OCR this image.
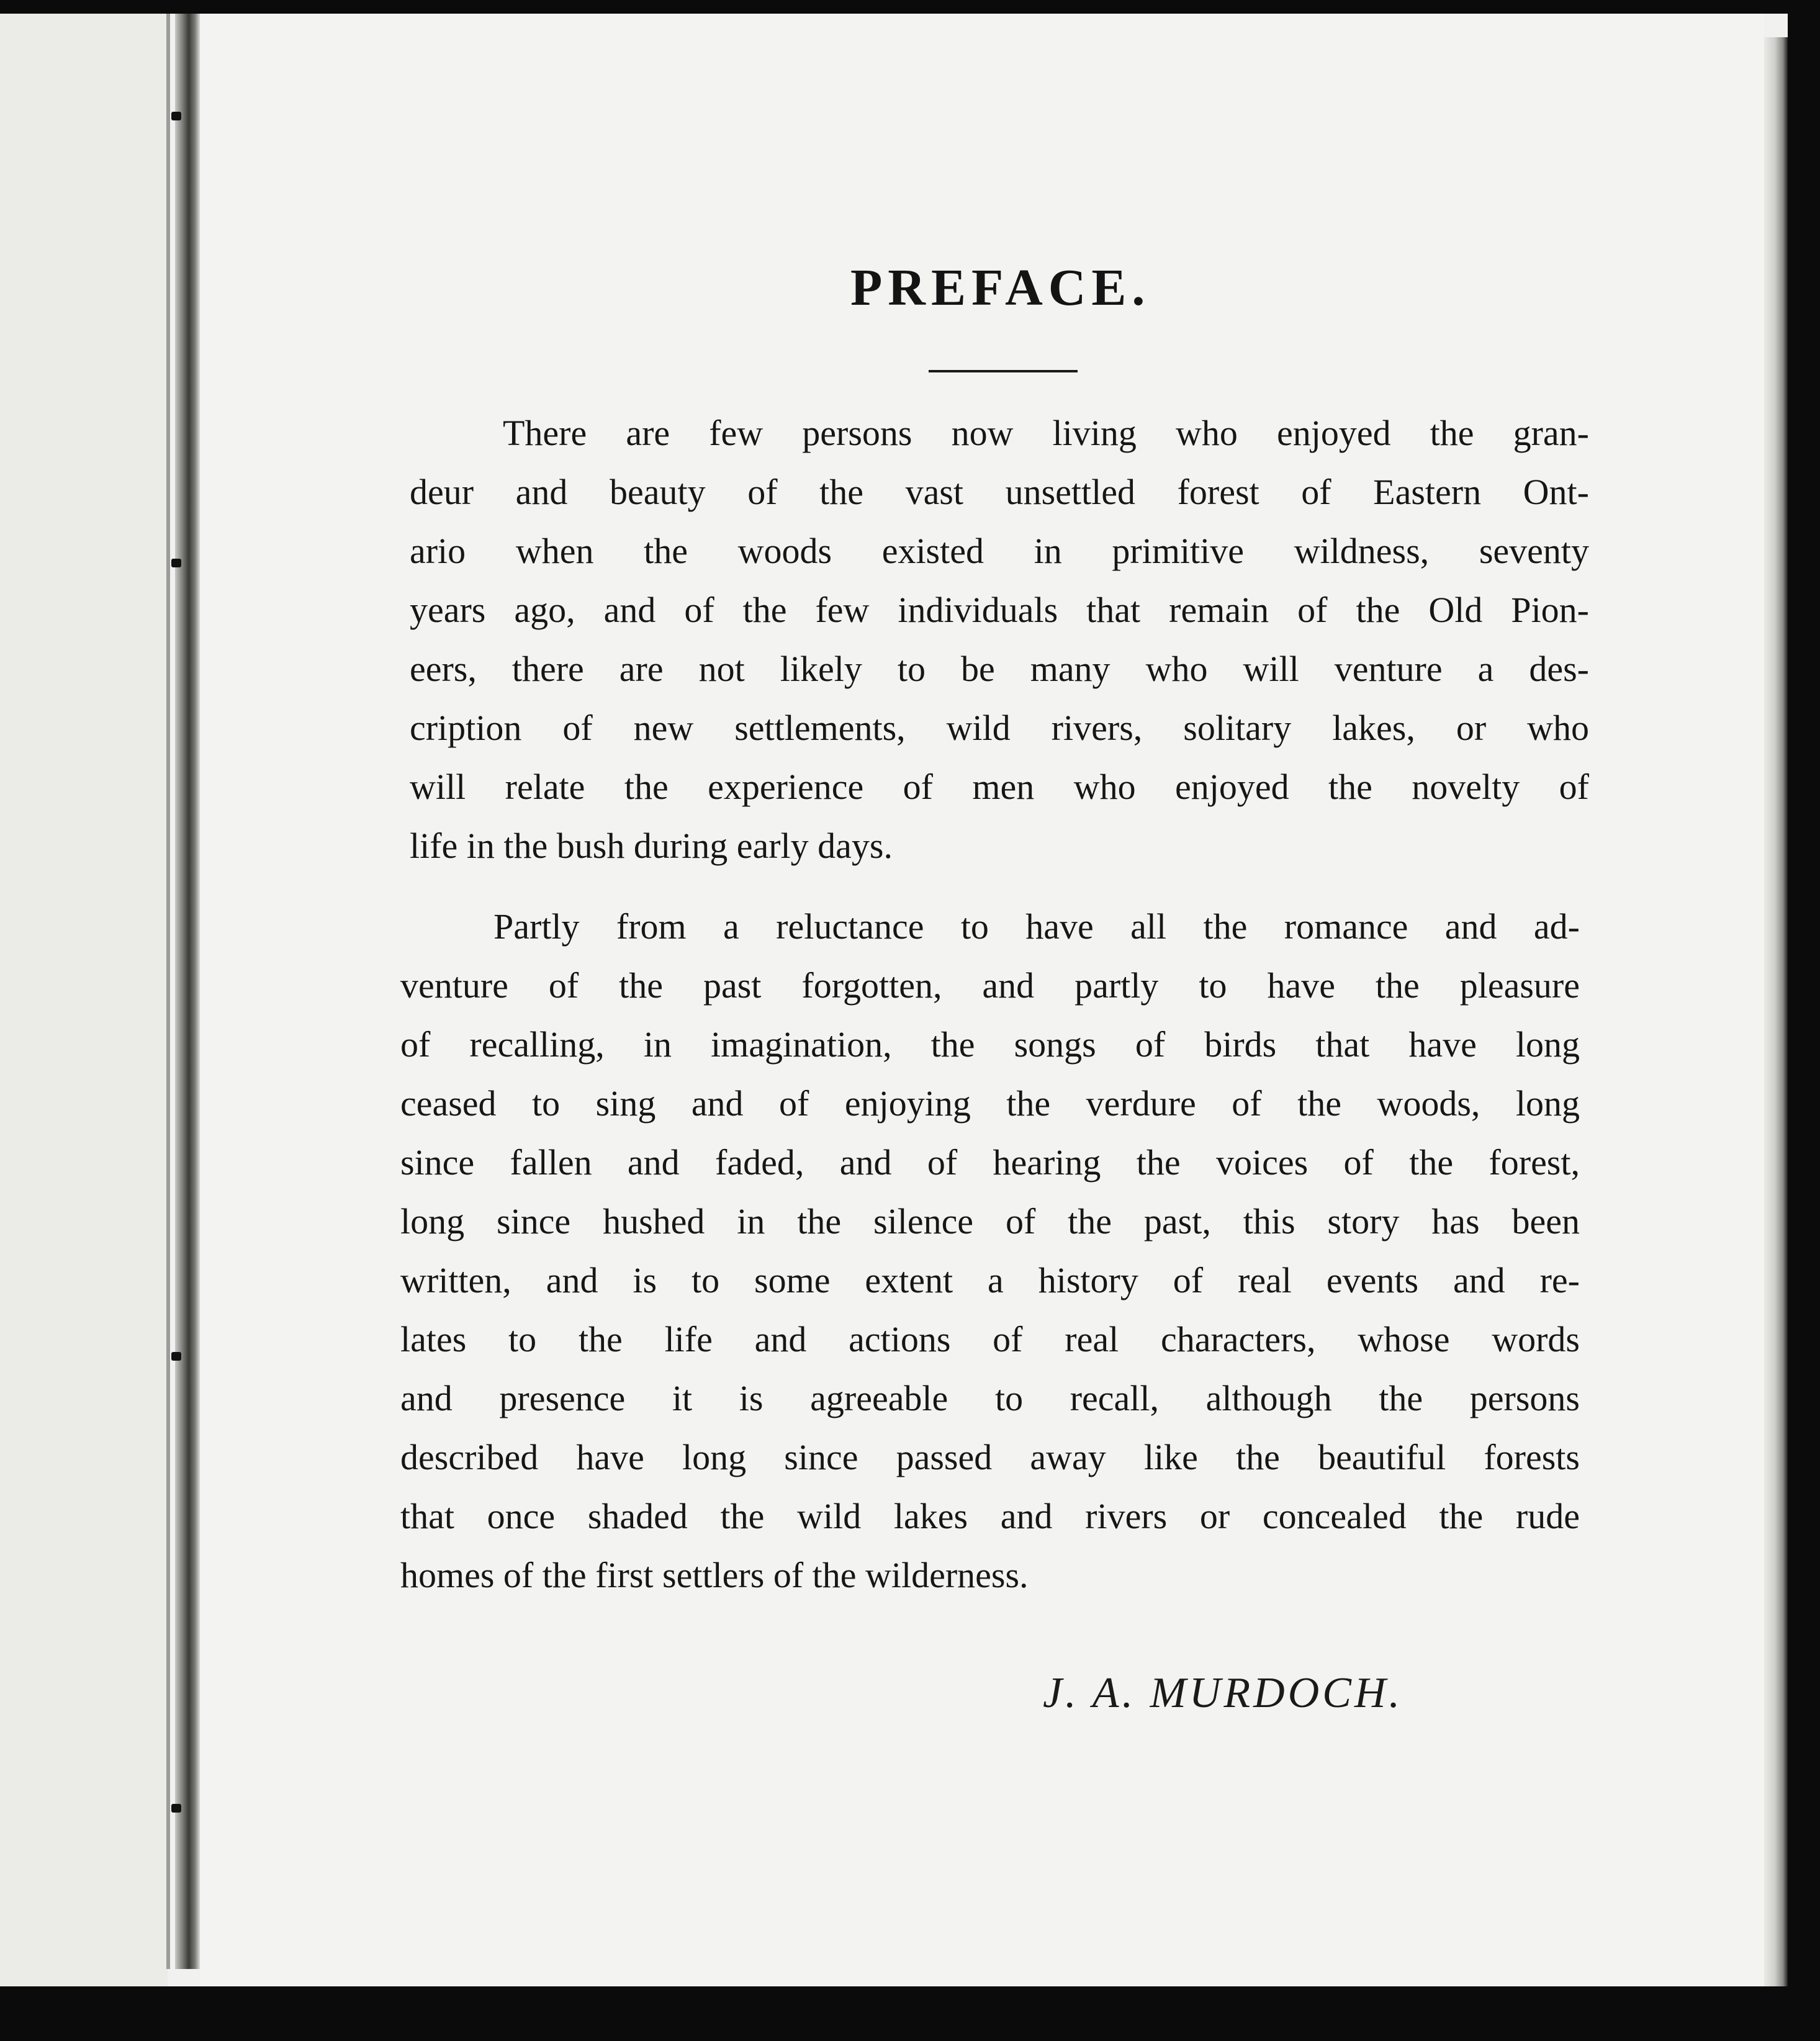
PREFACE.
There are few persons now living who enjoyed the gran-
deur and beauty of the vast unsettled forest of Eastern Ont-
ario when the woods existed in primitive wildness, seventy
years ago, and of the few individuals that remain of the Old Pion-
eers, there are not likely to be many who will venture a des-
cription of new settlements, wild rivers, solitary lakes, or who
will relate the experience of men who enjoyed the novelty of
life in the bush during early days.
Partly from a reluctance to have all the romance and ad-
venture of the past forgotten, and partly to have the pleasure
of recalling, in imagination, the songs of birds that have long
ceased to sing and of enjoying the verdure of the woods, long
since fallen and faded, and of hearing the voices of the forest,
long since hushed in the silence of the past, this story has been
written, and is to some extent a history of real events and re-
lates to the life and actions of real characters, whose words
and presence it is agreeable to recall, although the persons
described have long since passed away like the beautiful forests
that once shaded the wild lakes and rivers or concealed the rude
homes of the first settlers of the wilderness.
J. A. MURDOCH.
